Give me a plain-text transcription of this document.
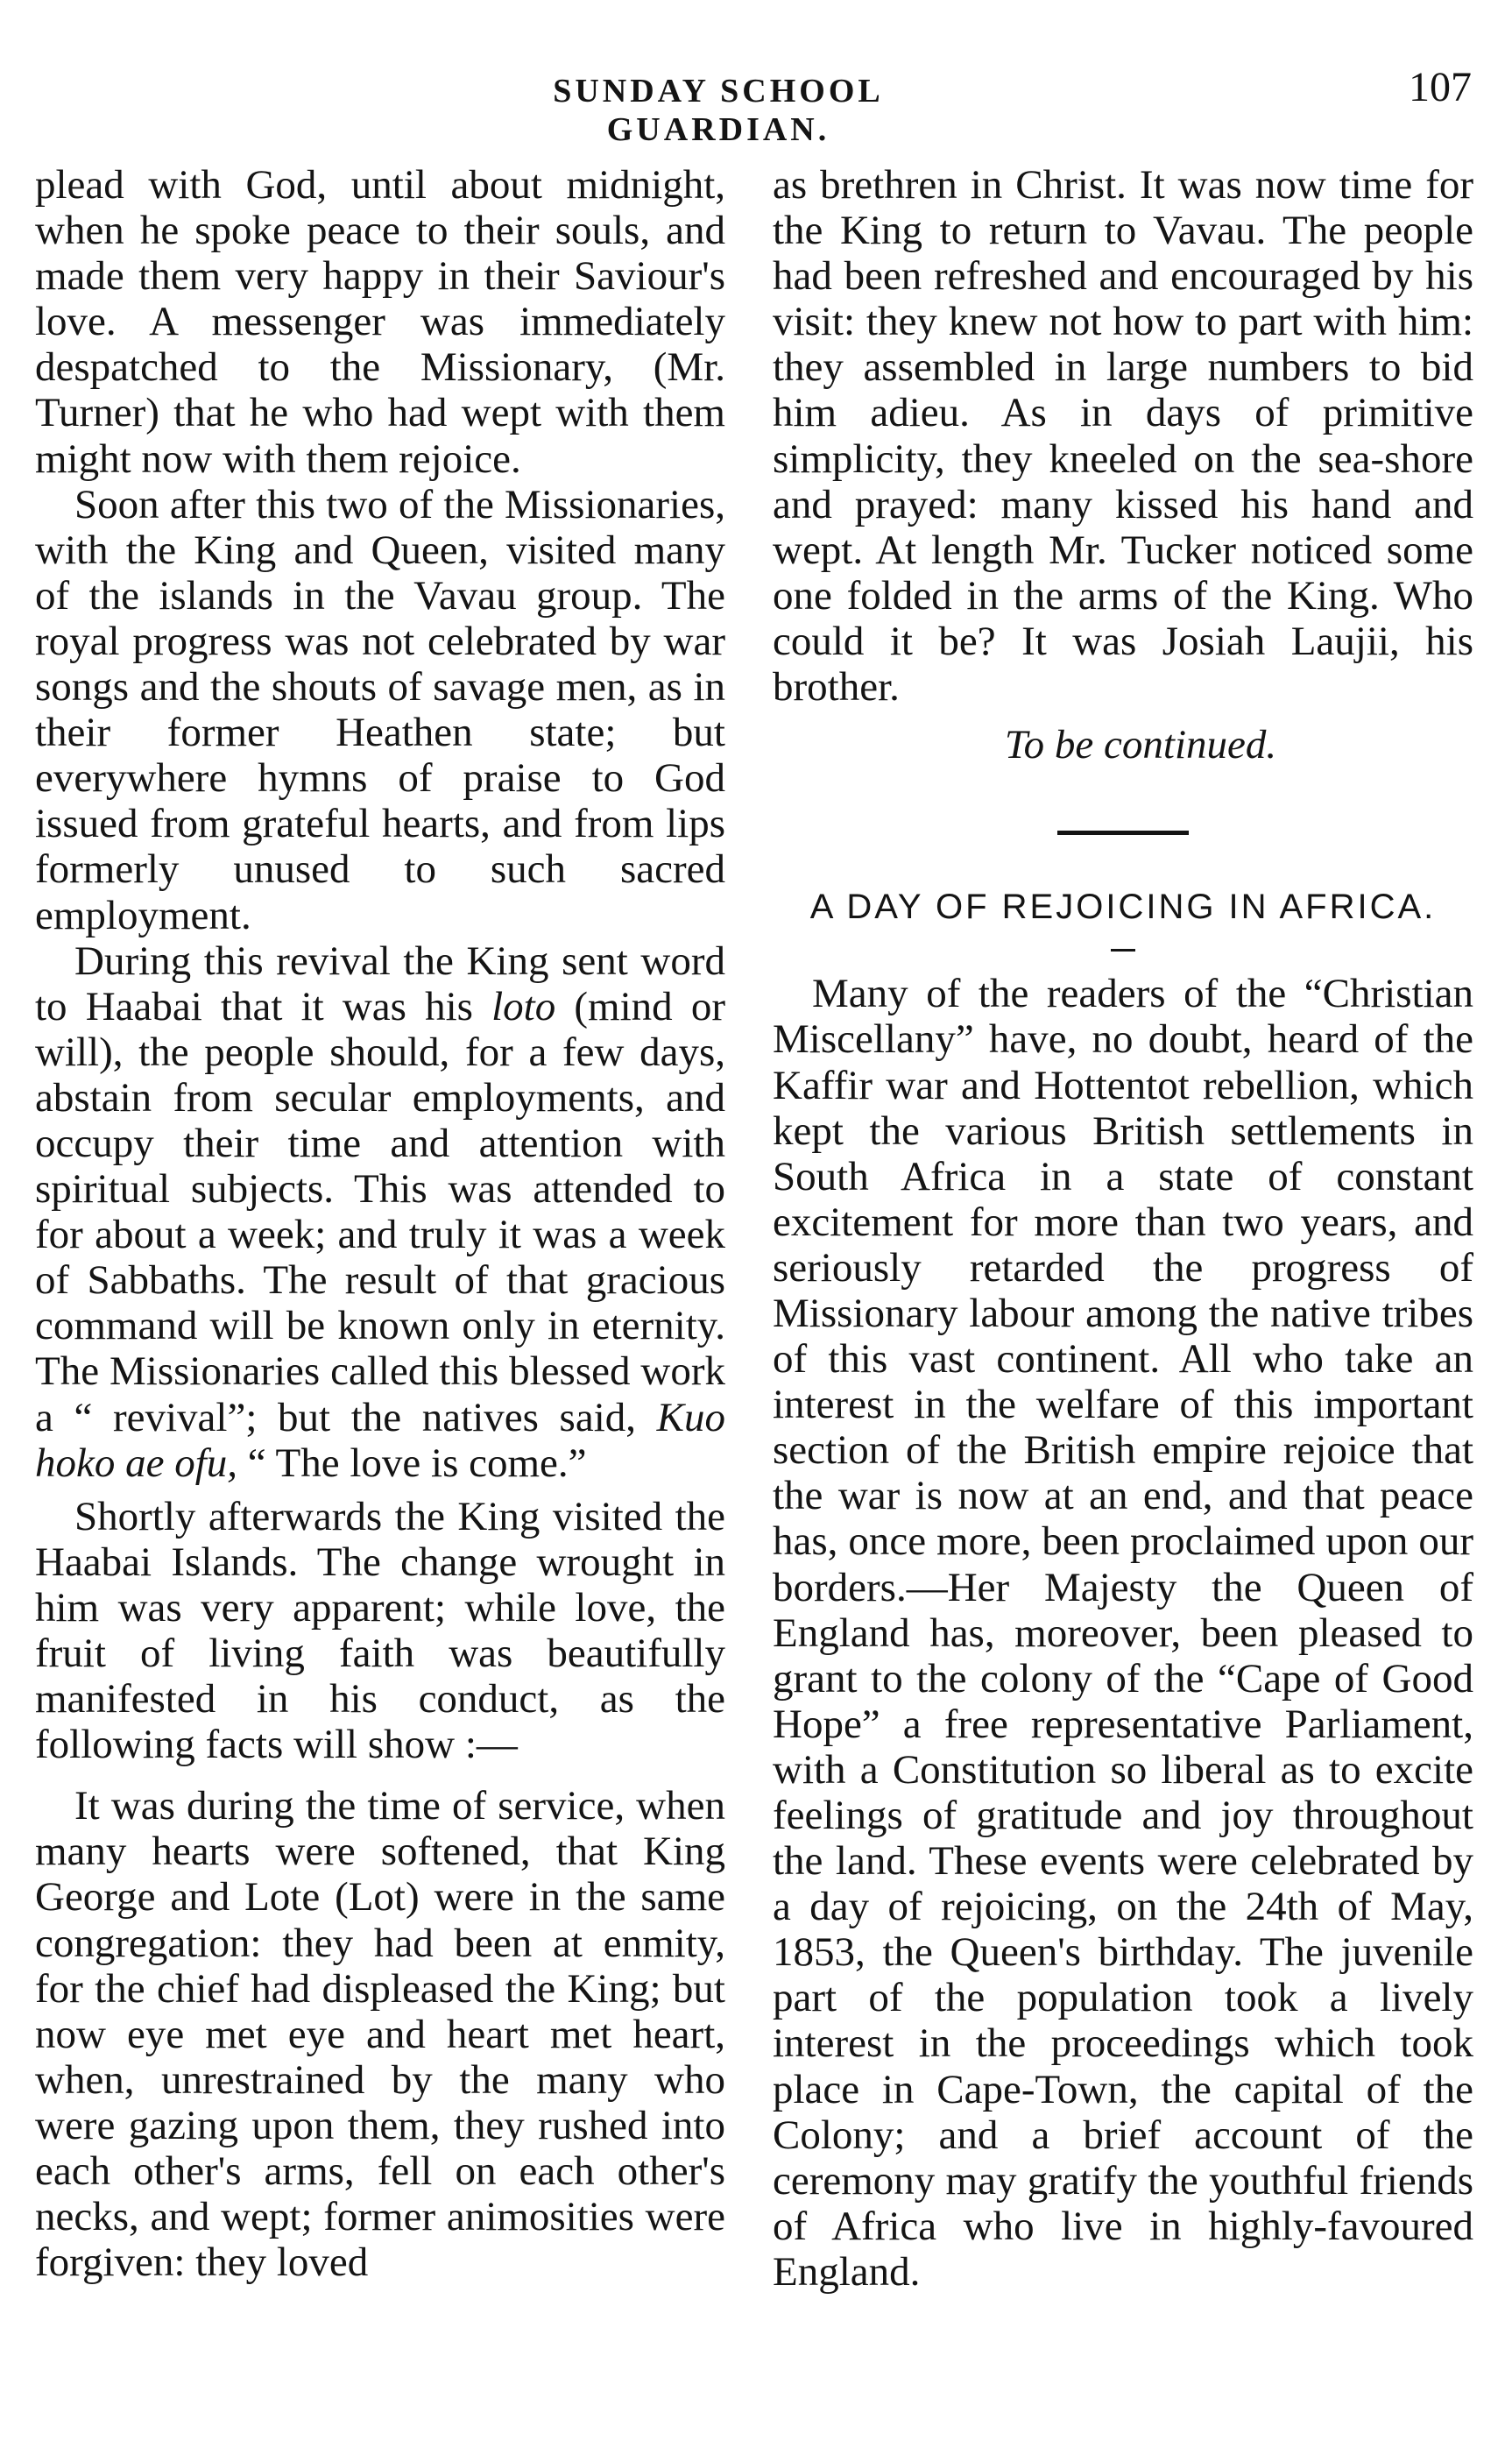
SUNDAY SCHOOL GUARDIAN.
107

plead with God, until about midnight, when he spoke peace to their souls, and made them very happy in their Saviour's love. A messenger was immediately despatched to the Missionary, (Mr. Turner) that he who had wept with them might now with them rejoice.

Soon after this two of the Missionaries, with the King and Queen, visited many of the islands in the Vavau group. The royal progress was not celebrated by war songs and the shouts of savage men, as in their former Heathen state; but everywhere hymns of praise to God issued from grateful hearts, and from lips formerly unused to such sacred employment.

During this revival the King sent word to Haabai that it was his loto (mind or will), the people should, for a few days, abstain from secular employments, and occupy their time and attention with spiritual subjects. This was attended to for about a week; and truly it was a week of Sabbaths. The result of that gracious command will be known only in eternity. The Missionaries called this blessed work a “ revival”; but the natives said, Kuo hoko ae ofu, “ The love is come.”

Shortly afterwards the King visited the Haabai Islands. The change wrought in him was very apparent; while love, the fruit of living faith was beautifully manifested in his conduct, as the following facts will show :—

It was during the time of service, when many hearts were softened, that King George and Lote (Lot) were in the same congregation: they had been at enmity, for the chief had displeased the King; but now eye met eye and heart met heart, when, unrestrained by the many who were gazing upon them, they rushed into each other's arms, fell on each other's necks, and wept; former animosities were forgiven: they loved

as brethren in Christ. It was now time for the King to return to Vavau. The people had been refreshed and encouraged by his visit: they knew not how to part with him: they assembled in large numbers to bid him adieu. As in days of primitive simplicity, they kneeled on the sea-shore and prayed: many kissed his hand and wept. At length Mr. Tucker noticed some one folded in the arms of the King. Who could it be? It was Josiah Laujii, his brother.

To be continued.
A DAY OF REJOICING IN AFRICA.

Many of the readers of the “Christian Miscellany” have, no doubt, heard of the Kaffir war and Hottentot rebellion, which kept the various British settlements in South Africa in a state of constant excitement for more than two years, and seriously retarded the progress of Missionary labour among the native tribes of this vast continent. All who take an interest in the welfare of this important section of the British empire rejoice that the war is now at an end, and that peace has, once more, been proclaimed upon our borders.—Her Majesty the Queen of England has, moreover, been pleased to grant to the colony of the “Cape of Good Hope” a free representative Parliament, with a Constitution so liberal as to excite feelings of gratitude and joy throughout the land. These events were celebrated by a day of rejoicing, on the 24th of May, 1853, the Queen's birthday. The juvenile part of the population took a lively interest in the proceedings which took place in Cape-Town, the capital of the Colony; and a brief account of the ceremony may gratify the youthful friends of Africa who live in highly-favoured England.
